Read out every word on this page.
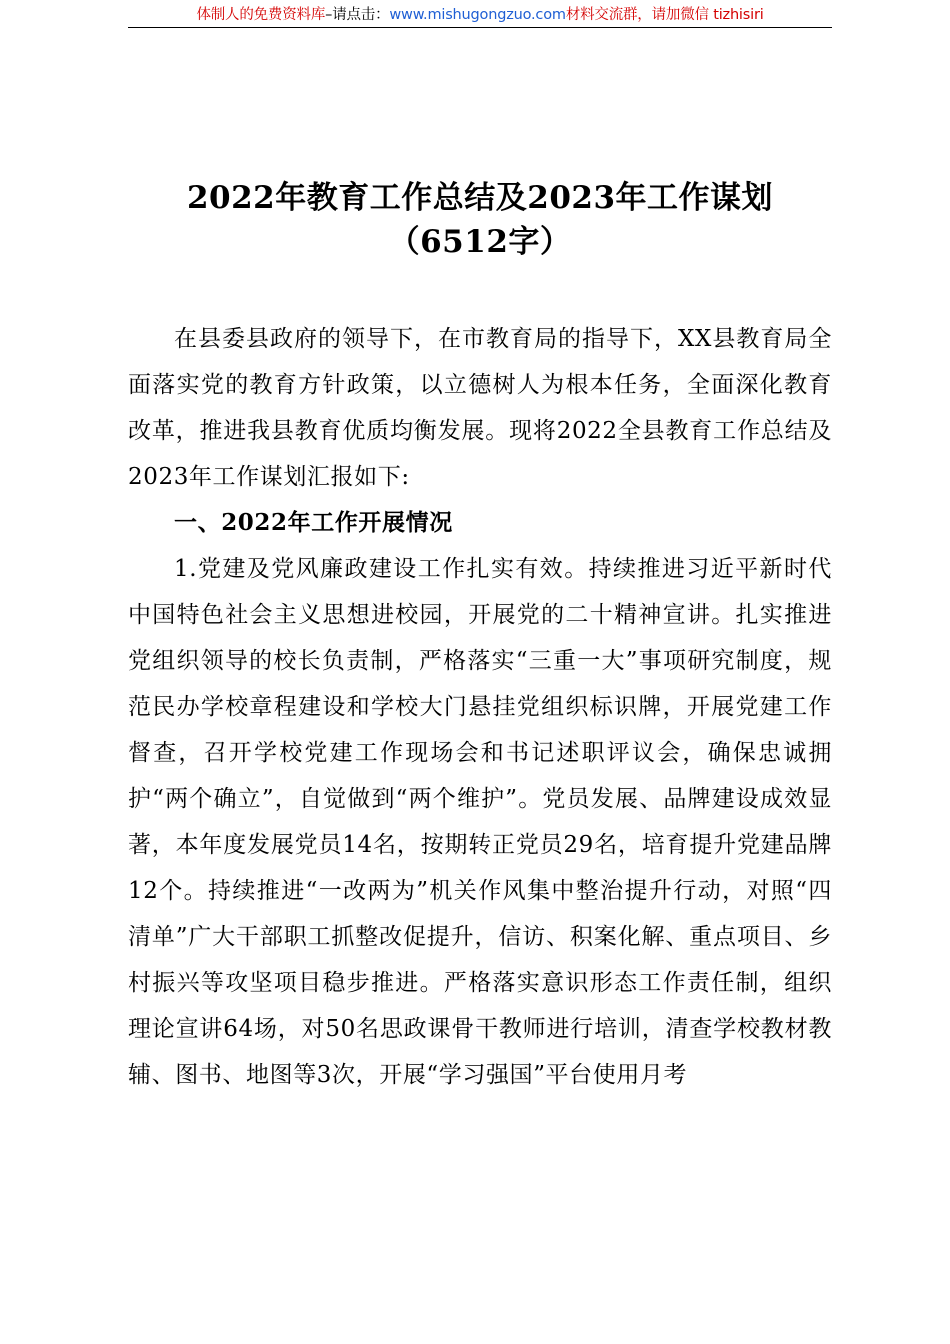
体制人的免费资料库–请点击：www.mishugongzuo.com材料交流群，请加微信 tizhisiri
2022年教育工作总结及2023年工作谋划
（6512字）

在县委县政府的领导下，在市教育局的指导下，XX县教育局全面落实党的教育方针政策，以立德树人为根本任务，全面深化教育改革，推进我县教育优质均衡发展。现将2022全县教育工作总结及2023年工作谋划汇报如下:

一、2022年工作开展情况

1.党建及党风廉政建设工作扎实有效。持续推进习近平新时代中国特色社会主义思想进校园，开展党的二十精神宣讲。扎实推进党组织领导的校长负责制，严格落实“三重一大”事项研究制度，规范民办学校章程建设和学校大门悬挂党组织标识牌，开展党建工作督查，召开学校党建工作现场会和书记述职评议会，确保忠诚拥护“两个确立”，自觉做到“两个维护”。党员发展、品牌建设成效显著，本年度发展党员14名，按期转正党员29名，培育提升党建品牌12个。持续推进“一改两为”机关作风集中整治提升行动，对照“四清单”广大干部职工抓整改促提升，信访、积案化解、重点项目、乡村振兴等攻坚项目稳步推进。严格落实意识形态工作责任制，组织理论宣讲64场，对50名思政课骨干教师进行培训，清查学校教材教辅、图书、地图等3次，开展“学习强国”平台使用月考
